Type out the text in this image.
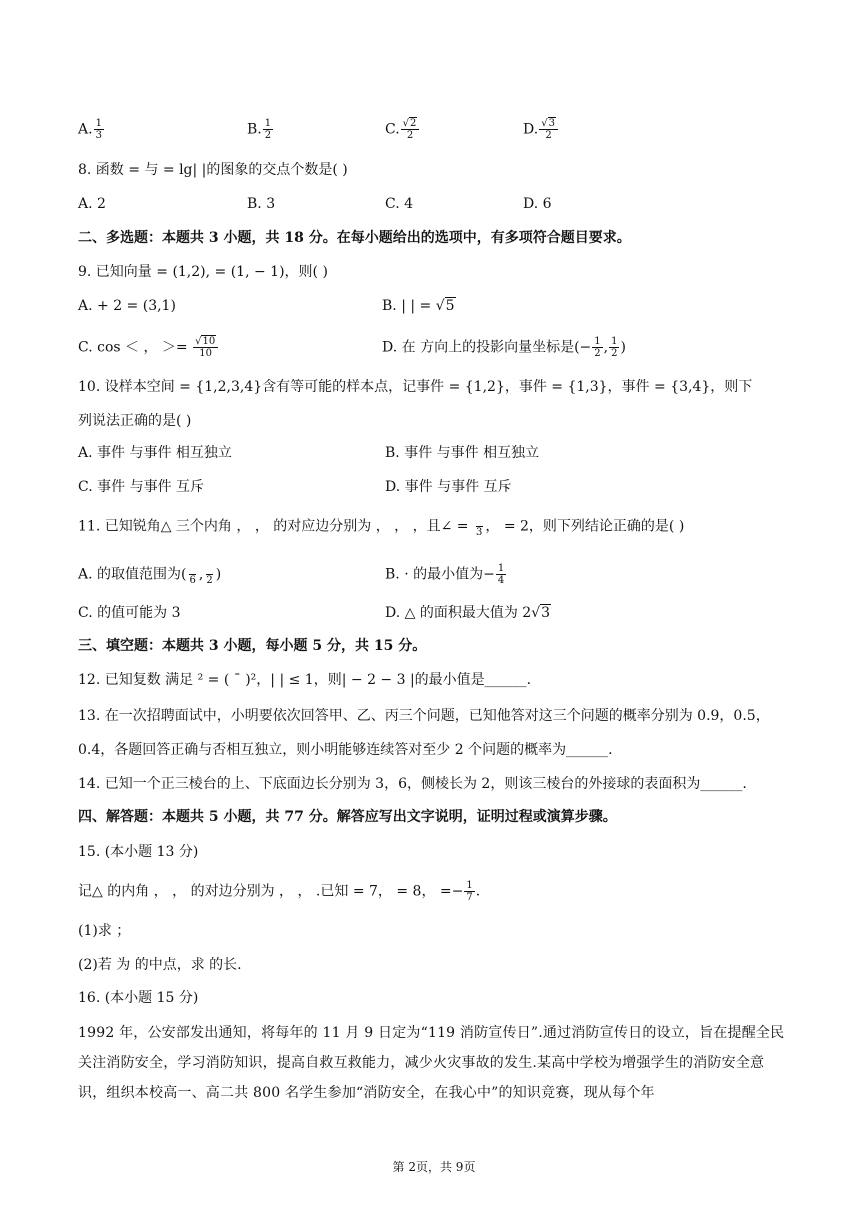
A. $\frac{1}{3}$	B. $\frac{1}{2}$	C. $\frac{√2}{2}$	D. $\frac{√3}{2}$
8. 函数 = 与 = lg| |的图象的交点个数是( )
A. 2	B. 3	C. 4	D. 6
二、多选题：本题共 3 小题，共 18 分。在每小题给出的选项中，有多项符合题目要求。
9. 已知向量 = (1,2), = (1, − 1)，则( )
A. + 2 = (3,1)	B. | | = √5
C. cos ＜ ， ＞= $\frac{√10}{10}$	D. 在 方向上的投影向量坐标是(− $\frac{1}{2}$ , $\frac{1}{2}$ )
10. 设样本空间 = {1,2,3,4}含有等可能的样本点，记事件 = {1,2}，事件 = {1,3}，事件 = {3,4}，则下
列说法正确的是( )
A. 事件 与事件 相互独立	B. 事件 与事件 相互独立
C. 事件 与事件 互斥	D. 事件 与事件 互斥
11. 已知锐角△ 三个内角 ， ， 的对应边分别为 ， ， ，且∠ =
3 ， = 2，则下列结论正确的是( )
A. 的取值范围为(
6 ,
2 )	B. · 的最小值为− $\frac{1}{4}$
C. 的值可能为 3	D. △ 的面积最大值为 2√3
三、填空题：本题共 3 小题，每小题 5 分，共 15 分。
12. 已知复数 满足 ² = ( ¯ )²，| | ≤ 1，则| − 2 − 3 |的最小值是______.
13. 在一次招聘面试中，小明要依次回答甲、乙、丙三个问题，已知他答对这三个问题的概率分别为 0.9，0.5，
0.4，各题回答正确与否相互独立，则小明能够连续答对至少 2 个问题的概率为______.
14. 已知一个正三棱台的上、下底面边长分别为 3，6，侧棱长为 2，则该三棱台的外接球的表面积为______.
四、解答题：本题共 5 小题，共 77 分。解答应写出文字说明，证明过程或演算步骤。
15. (本小题 13 分)
记△ 的内角 ， ， 的对边分别为 ， ， .已知 = 7， = 8， =− $\frac{1}{7}$ .
(1)求 ；
(2)若 为 的中点，求 的长.
16. (本小题 15 分)
1992 年，公安部发出通知，将每年的 11 月 9 日定为“119 消防宣传日”.通过消防宣传日的设立，旨在提醒全民关注消防安全，学习消防知识，提高自救互救能力，减少火灾事故的发生.某高中学校为增强学生的消防安全意识，组织本校高一、高二共 800 名学生参加“消防安全，在我心中”的知识竞赛，现从每个年
第 2页，共 9页
